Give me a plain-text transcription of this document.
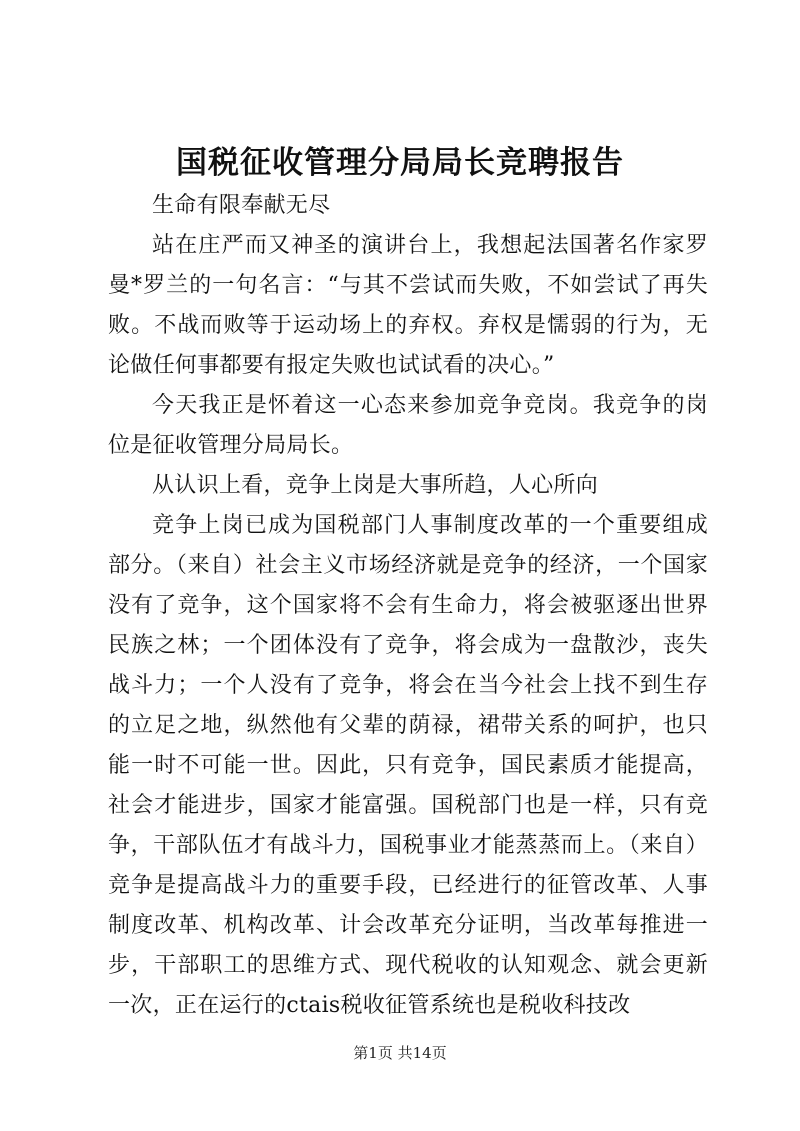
国税征收管理分局局长竞聘报告

生命有限奉献无尽

站在庄严而又神圣的演讲台上，我想起法国著名作家罗曼*罗兰的一句名言：“与其不尝试而失败，不如尝试了再失败。不战而败等于运动场上的弃权。弃权是懦弱的行为，无论做任何事都要有报定失败也试试看的决心。”

今天我正是怀着这一心态来参加竞争竞岗。我竞争的岗位是征收管理分局局长。

从认识上看，竞争上岗是大事所趋，人心所向

竞争上岗已成为国税部门人事制度改革的一个重要组成部分。（来自）社会主义市场经济就是竞争的经济，一个国家没有了竞争，这个国家将不会有生命力，将会被驱逐出世界民族之林；一个团体没有了竞争，将会成为一盘散沙，丧失战斗力；一个人没有了竞争，将会在当今社会上找不到生存的立足之地，纵然他有父辈的荫禄，裙带关系的呵护，也只能一时不可能一世。因此，只有竞争，国民素质才能提高，社会才能进步，国家才能富强。国税部门也是一样，只有竞争，干部队伍才有战斗力，国税事业才能蒸蒸而上。（来自）竞争是提高战斗力的重要手段，已经进行的征管改革、人事制度改革、机构改革、计会改革充分证明，当改革每推进一步，干部职工的思维方式、现代税收的认知观念、就会更新一次，正在运行的ctais税收征管系统也是税收科技改

第1页 共14页
